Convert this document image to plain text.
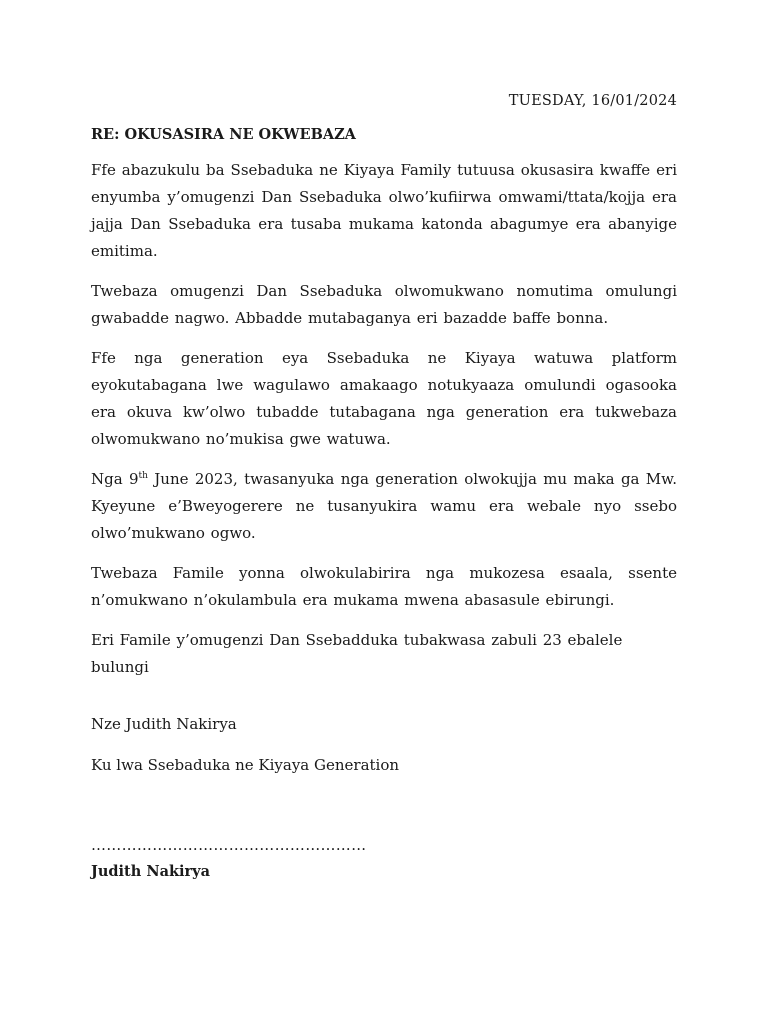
TUESDAY, 16/01/2024
RE: OKUSASIRA NE OKWEBAZA

Ffe abazukulu ba Ssebaduka ne Kiyaya Family tutuusa okusasira kwaffe eri enyumba y’omugenzi Dan Ssebaduka olwo’kufiirwa omwami/ttata/kojja era jajja Dan Ssebaduka era tusaba mukama katonda abagumye era abanyige emitima.

Twebaza omugenzi Dan Ssebaduka olwomukwano nomutima omulungi gwabadde nagwo. Abbadde mutabaganya eri bazadde baffe bonna.

Ffe nga generation eya Ssebaduka ne Kiyaya watuwa platform eyokutabagana lwe wagulawo amakaago notukyaaza omulundi ogasooka era okuva kw’olwo tubadde tutabagana nga generation era tukwebaza olwomukwano no’mukisa gwe watuwa.

Nga 9th June 2023, twasanyuka nga generation olwokujja mu maka ga Mw. Kyeyune e’Bweyogerere ne tusanyukira wamu era webale nyo ssebo olwo’mukwano ogwo.

Twebaza Famile yonna olwokulabirira nga mukozesa esaala, ssente n’omukwano n’okulambula era mukama mwena abasasule ebirungi.

Eri Famile y’omugenzi Dan Ssebadduka tubakwasa zabuli 23 ebalele bulungi

Nze Judith Nakirya
Ku lwa Ssebaduka ne Kiyaya Generation
………………………………………………
Judith Nakirya
